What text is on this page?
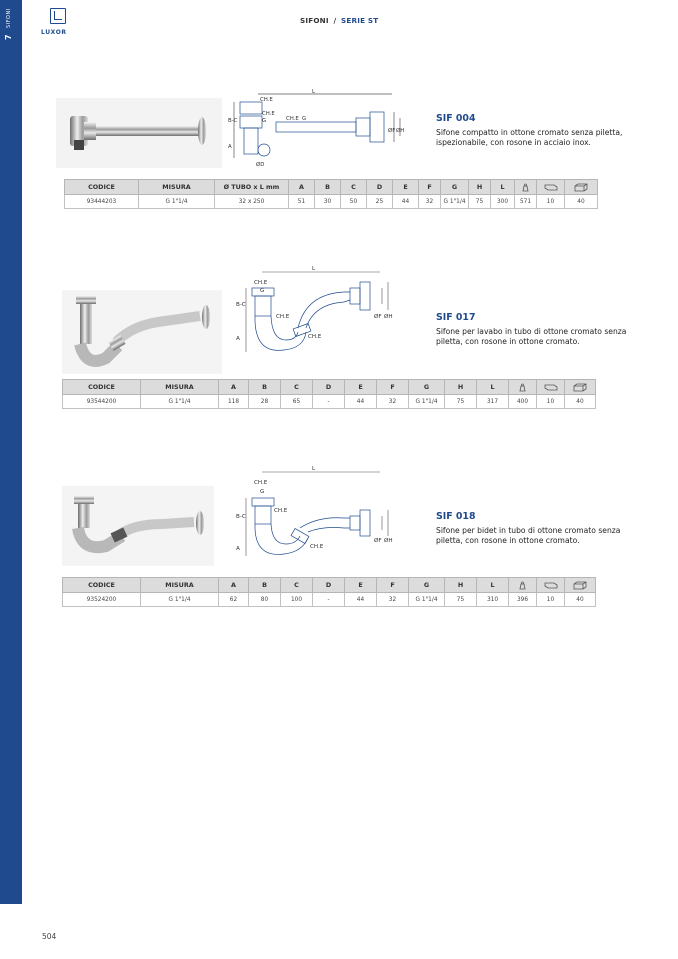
SIFONI
7
LUXOR
SIFONI / SERIE ST
L
CH.E
CH.E
G
B-C
A
ØD
CH.E G
ØF ØH
SIF 004
Sifone compatto in ottone cromato senza piletta, ispezionabile, con rosone in acciaio inox.
CODICE	MISURA	Ø TUBO x L mm	A	B	C	D	E	F	G	H	L			
93444203	G 1"1/4	32 x 250	51	30	50	25	44	32	G 1"1/4	75	300	571	10	40
L
CH.E
G
CH.E
CH.E
B-C
A
ØF ØH	SIF 017
Sifone per lavabo in tubo di ottone cromato senza piletta, con rosone in ottone cromato.
CODICE	MISURA	A	B	C	D	E	F	G	H	L			
93544200	G 1"1/4	118	28	65	-	44	32	G 1"1/4	75	317	400	10	40
L
CH.E
G
CH.E
CH.E
B-C
A
ØF ØH
SIF 018
Sifone per bidet in tubo di ottone cromato senza piletta, con rosone in ottone cromato.
CODICE	MISURA	A	B	C	D	E	F	G	H	L			
93524200	G 1"1/4	62	80	100	-	44	32	G 1"1/4	75	310	396	10	40
504
